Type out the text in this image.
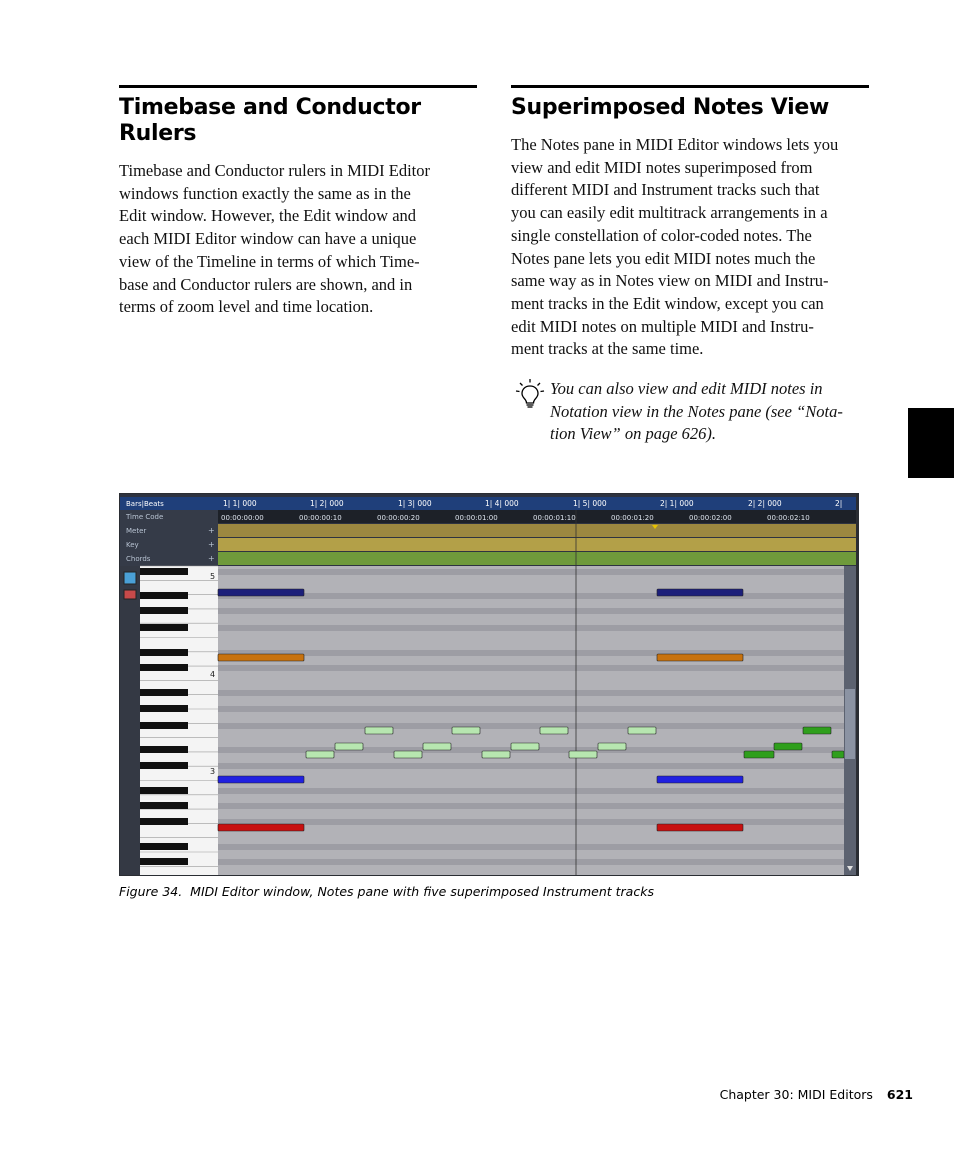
Timebase and Conductor
Rulers
Timebase and Conductor rulers in MIDI Editor
windows function exactly the same as in the
Edit window. However, the Edit window and
each MIDI Editor window can have a unique
view of the Timeline in terms of which Time-
base and Conductor rulers are shown, and in
terms of zoom level and time location.
Superimposed Notes View
The Notes pane in MIDI Editor windows lets you
view and edit MIDI notes superimposed from
different MIDI and Instrument tracks such that
you can easily edit multitrack arrangements in a
single constellation of color-coded notes. The
Notes pane lets you edit MIDI notes much the
same way as in Notes view on MIDI and Instru-
ment tracks in the Edit window, except you can
edit MIDI notes on multiple MIDI and Instru-
ment tracks at the same time.
You can also view and edit MIDI notes in
Notation view in the Notes pane (see “Nota-
tion View” on page 626).
Bars|Beats
Time Code
Meter	+
Key	+
Chords	+
1| 1| 000	1| 2| 000	1| 3| 000	1| 4| 000	1| 5| 000	2| 1| 000	2| 2| 000	2|
00:00:00:00	00:00:00:10	00:00:00:20	00:00:01:00	00:00:01:10	00:00:01:20	00:00:02:00	00:00:02:10
5
4
3
Figure 34. MIDI Editor window, Notes pane with five superimposed Instrument tracks
Chapter 30: MIDI Editors 621
